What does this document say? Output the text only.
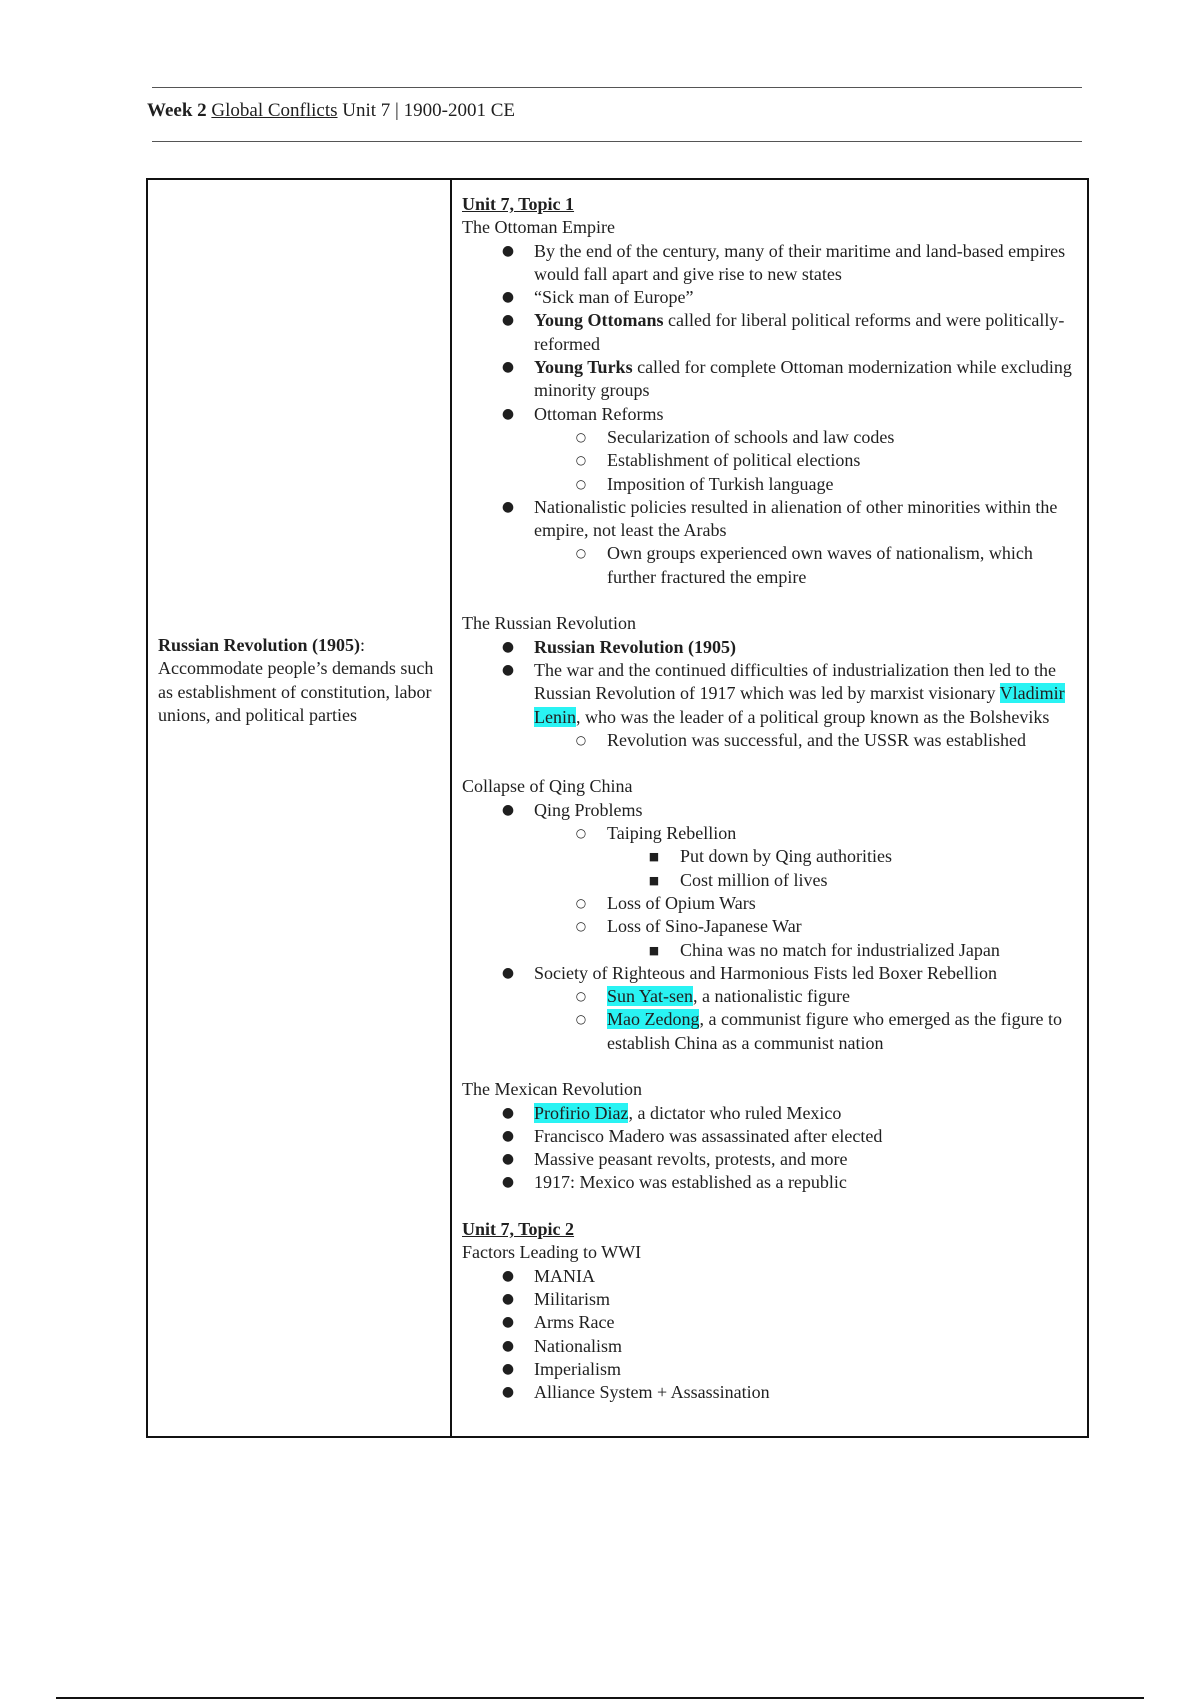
Week 2 Global Conflicts Unit 7 | 1900-2001 CE
Russian Revolution (1905):
Accommodate people’s demands such as establishment of constitution, labor unions, and political parties
Unit 7, Topic 1
The Ottoman Empire
● By the end of the century, many of their maritime and land-based empires would fall apart and give rise to new states
● “Sick man of Europe”
● Young Ottomans called for liberal political reforms and were politically-reformed
● Young Turks called for complete Ottoman modernization while excluding minority groups
● Ottoman Reforms
○ Secularization of schools and law codes
○ Establishment of political elections
○ Imposition of Turkish language
● Nationalistic policies resulted in alienation of other minorities within the empire, not least the Arabs
○ Own groups experienced own waves of nationalism, which further fractured the empire
The Russian Revolution
● Russian Revolution (1905)
● The war and the continued difficulties of industrialization then led to the Russian Revolution of 1917 which was led by marxist visionary Vladimir Lenin, who was the leader of a political group known as the Bolsheviks
○ Revolution was successful, and the USSR was established
Collapse of Qing China
● Qing Problems
○ Taiping Rebellion
■ Put down by Qing authorities
■ Cost million of lives
○ Loss of Opium Wars
○ Loss of Sino-Japanese War
■ China was no match for industrialized Japan
● Society of Righteous and Harmonious Fists led Boxer Rebellion
○ Sun Yat-sen, a nationalistic figure
○ Mao Zedong, a communist figure who emerged as the figure to establish China as a communist nation
The Mexican Revolution
● Profirio Diaz, a dictator who ruled Mexico
● Francisco Madero was assassinated after elected
● Massive peasant revolts, protests, and more
● 1917: Mexico was established as a republic
Unit 7, Topic 2
Factors Leading to WWI
● MANIA
● Militarism
● Arms Race
● Nationalism
● Imperialism
● Alliance System + Assassination
